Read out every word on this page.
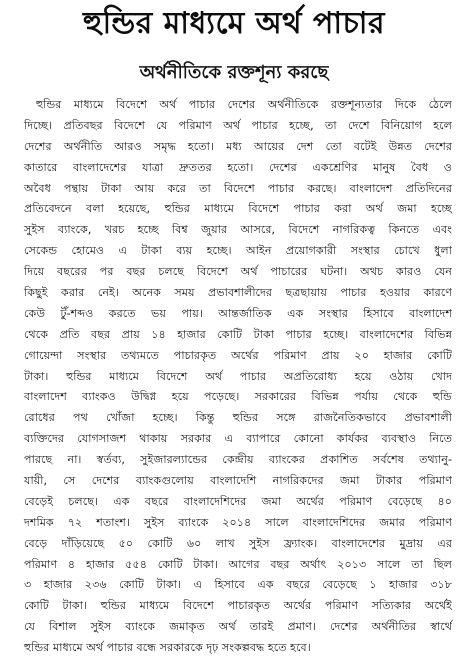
হুন্ডির মাধ্যমে অর্থ পাচার
অর্থনীতিকে রক্তশূন্য করছে
হুন্ডির মাধ্যমে বিদেশে অর্থ পাচার দেশের অর্থনীতিকে রক্তশূন্যতার দিকে ঠেলে
দিচ্ছে। প্রতিবছর বিদেশে যে পরিমাণ অর্থ পাচার হচ্ছে, তা দেশে বিনিয়োগ হলে
দেশের অর্থনীতি আরও সমৃদ্ধ হতো। মধ্য আয়ের দেশ তো বটেই উন্নত দেশের
কাতারে বাংলাদেশের যাত্রা দ্রুততর হতো। দেশের একশ্রেণির মানুষ বৈধ ও
অবৈধ পন্থায় টাকা আয় করে তা বিদেশে পাচার করছে। বাংলাদেশ প্রতিদিনের
প্রতিবেদনে বলা হয়েছে, হুন্ডির মাধ্যমে বিদেশে পাচার করা অর্থ জমা হচ্ছে
সুইস ব্যাংকে, খরচ হচ্ছে বিশ্ব জুয়ার আসরে, বিদেশে নাগরিকত্ব কিনতে এবং
সেকেন্ড হোমেও এ টাকা ব্যয় হচ্ছে। আইন প্রয়োগকারী সংস্থার চোখে ধুলা
দিয়ে বছরের পর বছর চলছে বিদেশে অর্থ পাচারের ঘটনা। অথচ কারও যেন
কিছুই করার নেই। অনেক সময় প্রভাবশালীদের ছত্রছায়ায় পাচার হওয়ার কারণে
কেউ টুঁ-শব্দও করতে ভয় পায়। আন্তর্জাতিক এক সংস্থার হিসাবে বাংলাদেশ
থেকে প্রতি বছর প্রায় ১৪ হাজার কোটি টাকা পাচার হচ্ছে। বাংলাদেশের বিভিন্ন
গোয়েন্দা সংস্থার তথ্যমতে পাচারকৃত অর্থের পরিমাণ প্রায় ২০ হাজার কোটি
টাকা। হুন্ডির মাধ্যমে বিদেশে অর্থ পাচার অপ্রতিরোধ্য হয়ে ওঠায় খোদ
বাংলাদেশ ব্যাংকও উদ্বিগ্ন হয়ে পড়েছে। সরকারের বিভিন্ন পর্যায় থেকে হুন্ডি
রোধের পথ খোঁজা হচ্ছে। কিন্তু হুন্ডির সঙ্গে রাজনৈতিকভাবে প্রভাবশালী
ব্যক্তিদের যোগসাজশ থাকায় সরকার এ ব্যাপারে কোনো কার্যকর ব্যবস্থাও নিতে
পারছে না। স্বর্তব্য, সুইজারল্যান্ডের কেন্দ্রীয় ব্যাংকের প্রকাশিত সর্বশেষ তথ্যানু-
যায়ী, সে দেশের ব্যাংকগুলোয় বাংলাদেশি নাগরিকদের জমা টাকার পরিমাণ
বেড়েই চলছে। এক বছরে বাংলাদেশিদের জমা অর্থের পরিমাণ বেড়েছে ৪০
দশমিক ৭২ শতাংশ। সুইস ব্যাংকে ২০১৪ সালে বাংলাদেশিদের জমার পরিমাণ
বেড়ে দাঁড়িয়েছে ৫০ কোটি ৬০ লাখ সুইস ফ্র্যাংক। বাংলাদেশের মুদ্রায় এর
পরিমাণ ৪ হাজার ৫৫৪ কোটি টাকা। আগের বছর অর্থাৎ ২০১৩ সালে তা ছিল
৩ হাজার ২৩৬ কোটি টাকা। এ হিসাবে এক বছরে বেড়েছে ১ হাজার ৩১৮
কোটি টাকা। হুন্ডির মাধ্যমে বিদেশে পাচারকৃত অর্থের পরিমাণ সত্যিকার অর্থেই
যে বিশাল সুইস ব্যাংকে জমাকৃত অর্থ তারই প্রমাণ। দেশের অর্থনীতির স্বার্থে
হুন্ডির মাধ্যমে অর্থ পাচার বন্ধে সরকারকে দৃঢ় সংকল্পবদ্ধ হতে হবে।
